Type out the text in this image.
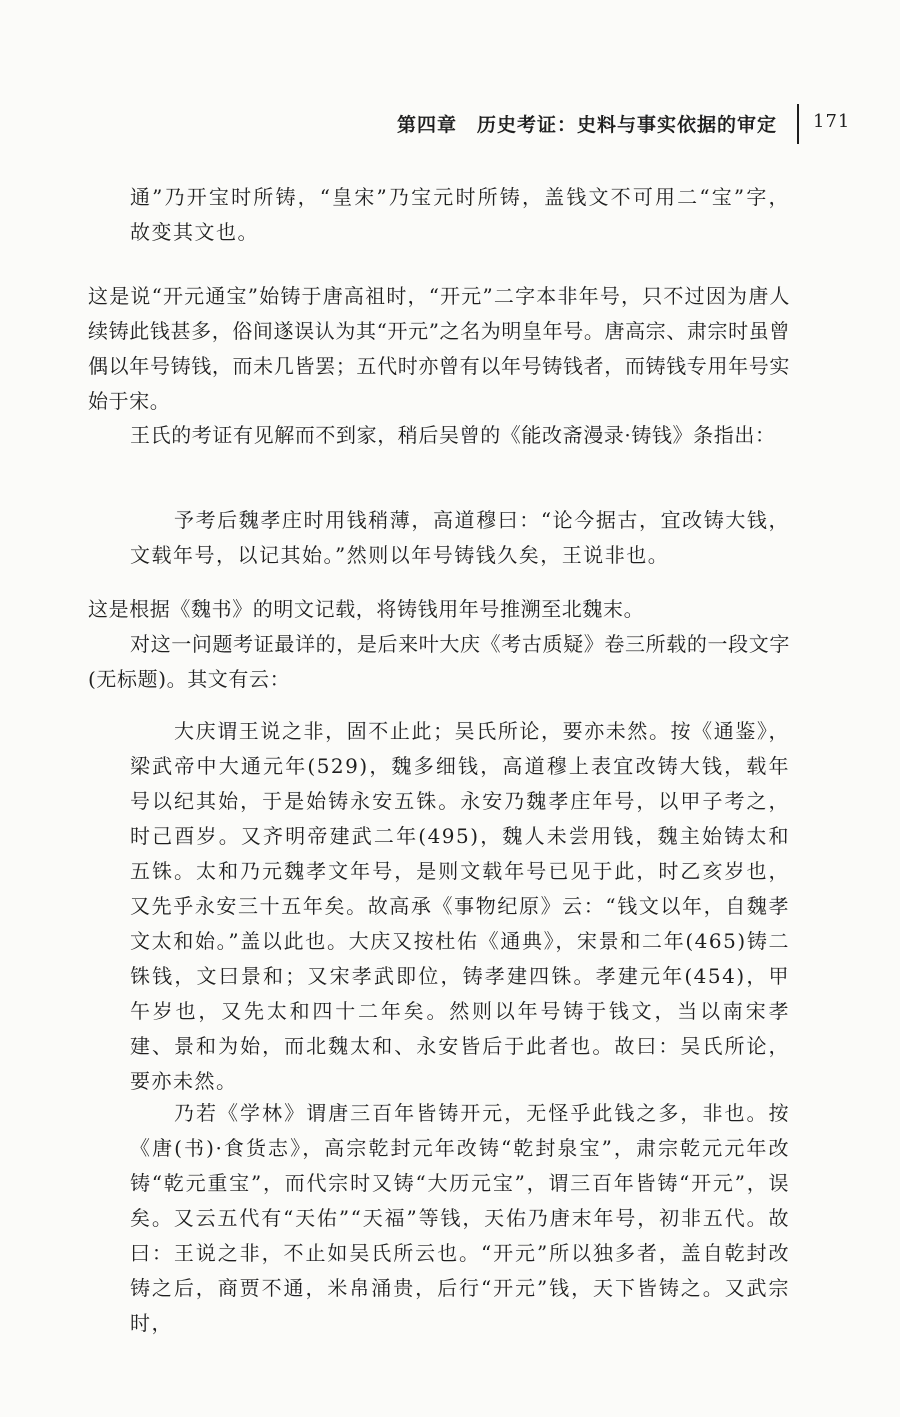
第四章　历史考证：史料与事实依据的审定 171

通”乃开宝时所铸，“皇宋”乃宝元时所铸，盖钱文不可用二“宝”字，故变其文也。

这是说“开元通宝”始铸于唐高祖时，“开元”二字本非年号，只不过因为唐人续铸此钱甚多，俗间遂误认为其“开元”之名为明皇年号。唐高宗、肃宗时虽曾偶以年号铸钱，而未几皆罢；五代时亦曾有以年号铸钱者，而铸钱专用年号实始于宋。

王氏的考证有见解而不到家，稍后吴曾的《能改斋漫录·铸钱》条指出：

予考后魏孝庄时用钱稍薄，高道穆曰：“论今据古，宜改铸大钱，文载年号，以记其始。”然则以年号铸钱久矣，王说非也。

这是根据《魏书》的明文记载，将铸钱用年号推溯至北魏末。

对这一问题考证最详的，是后来叶大庆《考古质疑》卷三所载的一段文字(无标题)。其文有云：

大庆谓王说之非，固不止此；吴氏所论，要亦未然。按《通鉴》，梁武帝中大通元年(529)，魏多细钱，高道穆上表宜改铸大钱，载年号以纪其始，于是始铸永安五铢。永安乃魏孝庄年号，以甲子考之，时己酉岁。又齐明帝建武二年(495)，魏人未尝用钱，魏主始铸太和五铢。太和乃元魏孝文年号，是则文载年号已见于此，时乙亥岁也，又先乎永安三十五年矣。故高承《事物纪原》云：“钱文以年，自魏孝文太和始。”盖以此也。大庆又按杜佑《通典》，宋景和二年(465)铸二铢钱，文曰景和；又宋孝武即位，铸孝建四铢。孝建元年(454)，甲午岁也，又先太和四十二年矣。然则以年号铸于钱文，当以南宋孝建、景和为始，而北魏太和、永安皆后于此者也。故曰：吴氏所论，要亦未然。

乃若《学林》谓唐三百年皆铸开元，无怪乎此钱之多，非也。按《唐(书)·食货志》，高宗乾封元年改铸“乾封泉宝”，肃宗乾元元年改铸“乾元重宝”，而代宗时又铸“大历元宝”，谓三百年皆铸“开元”，误矣。又云五代有“天佑”“天福”等钱，天佑乃唐末年号，初非五代。故曰：王说之非，不止如吴氏所云也。“开元”所以独多者，盖自乾封改铸之后，商贾不通，米帛涌贵，后行“开元”钱，天下皆铸之。又武宗时，
